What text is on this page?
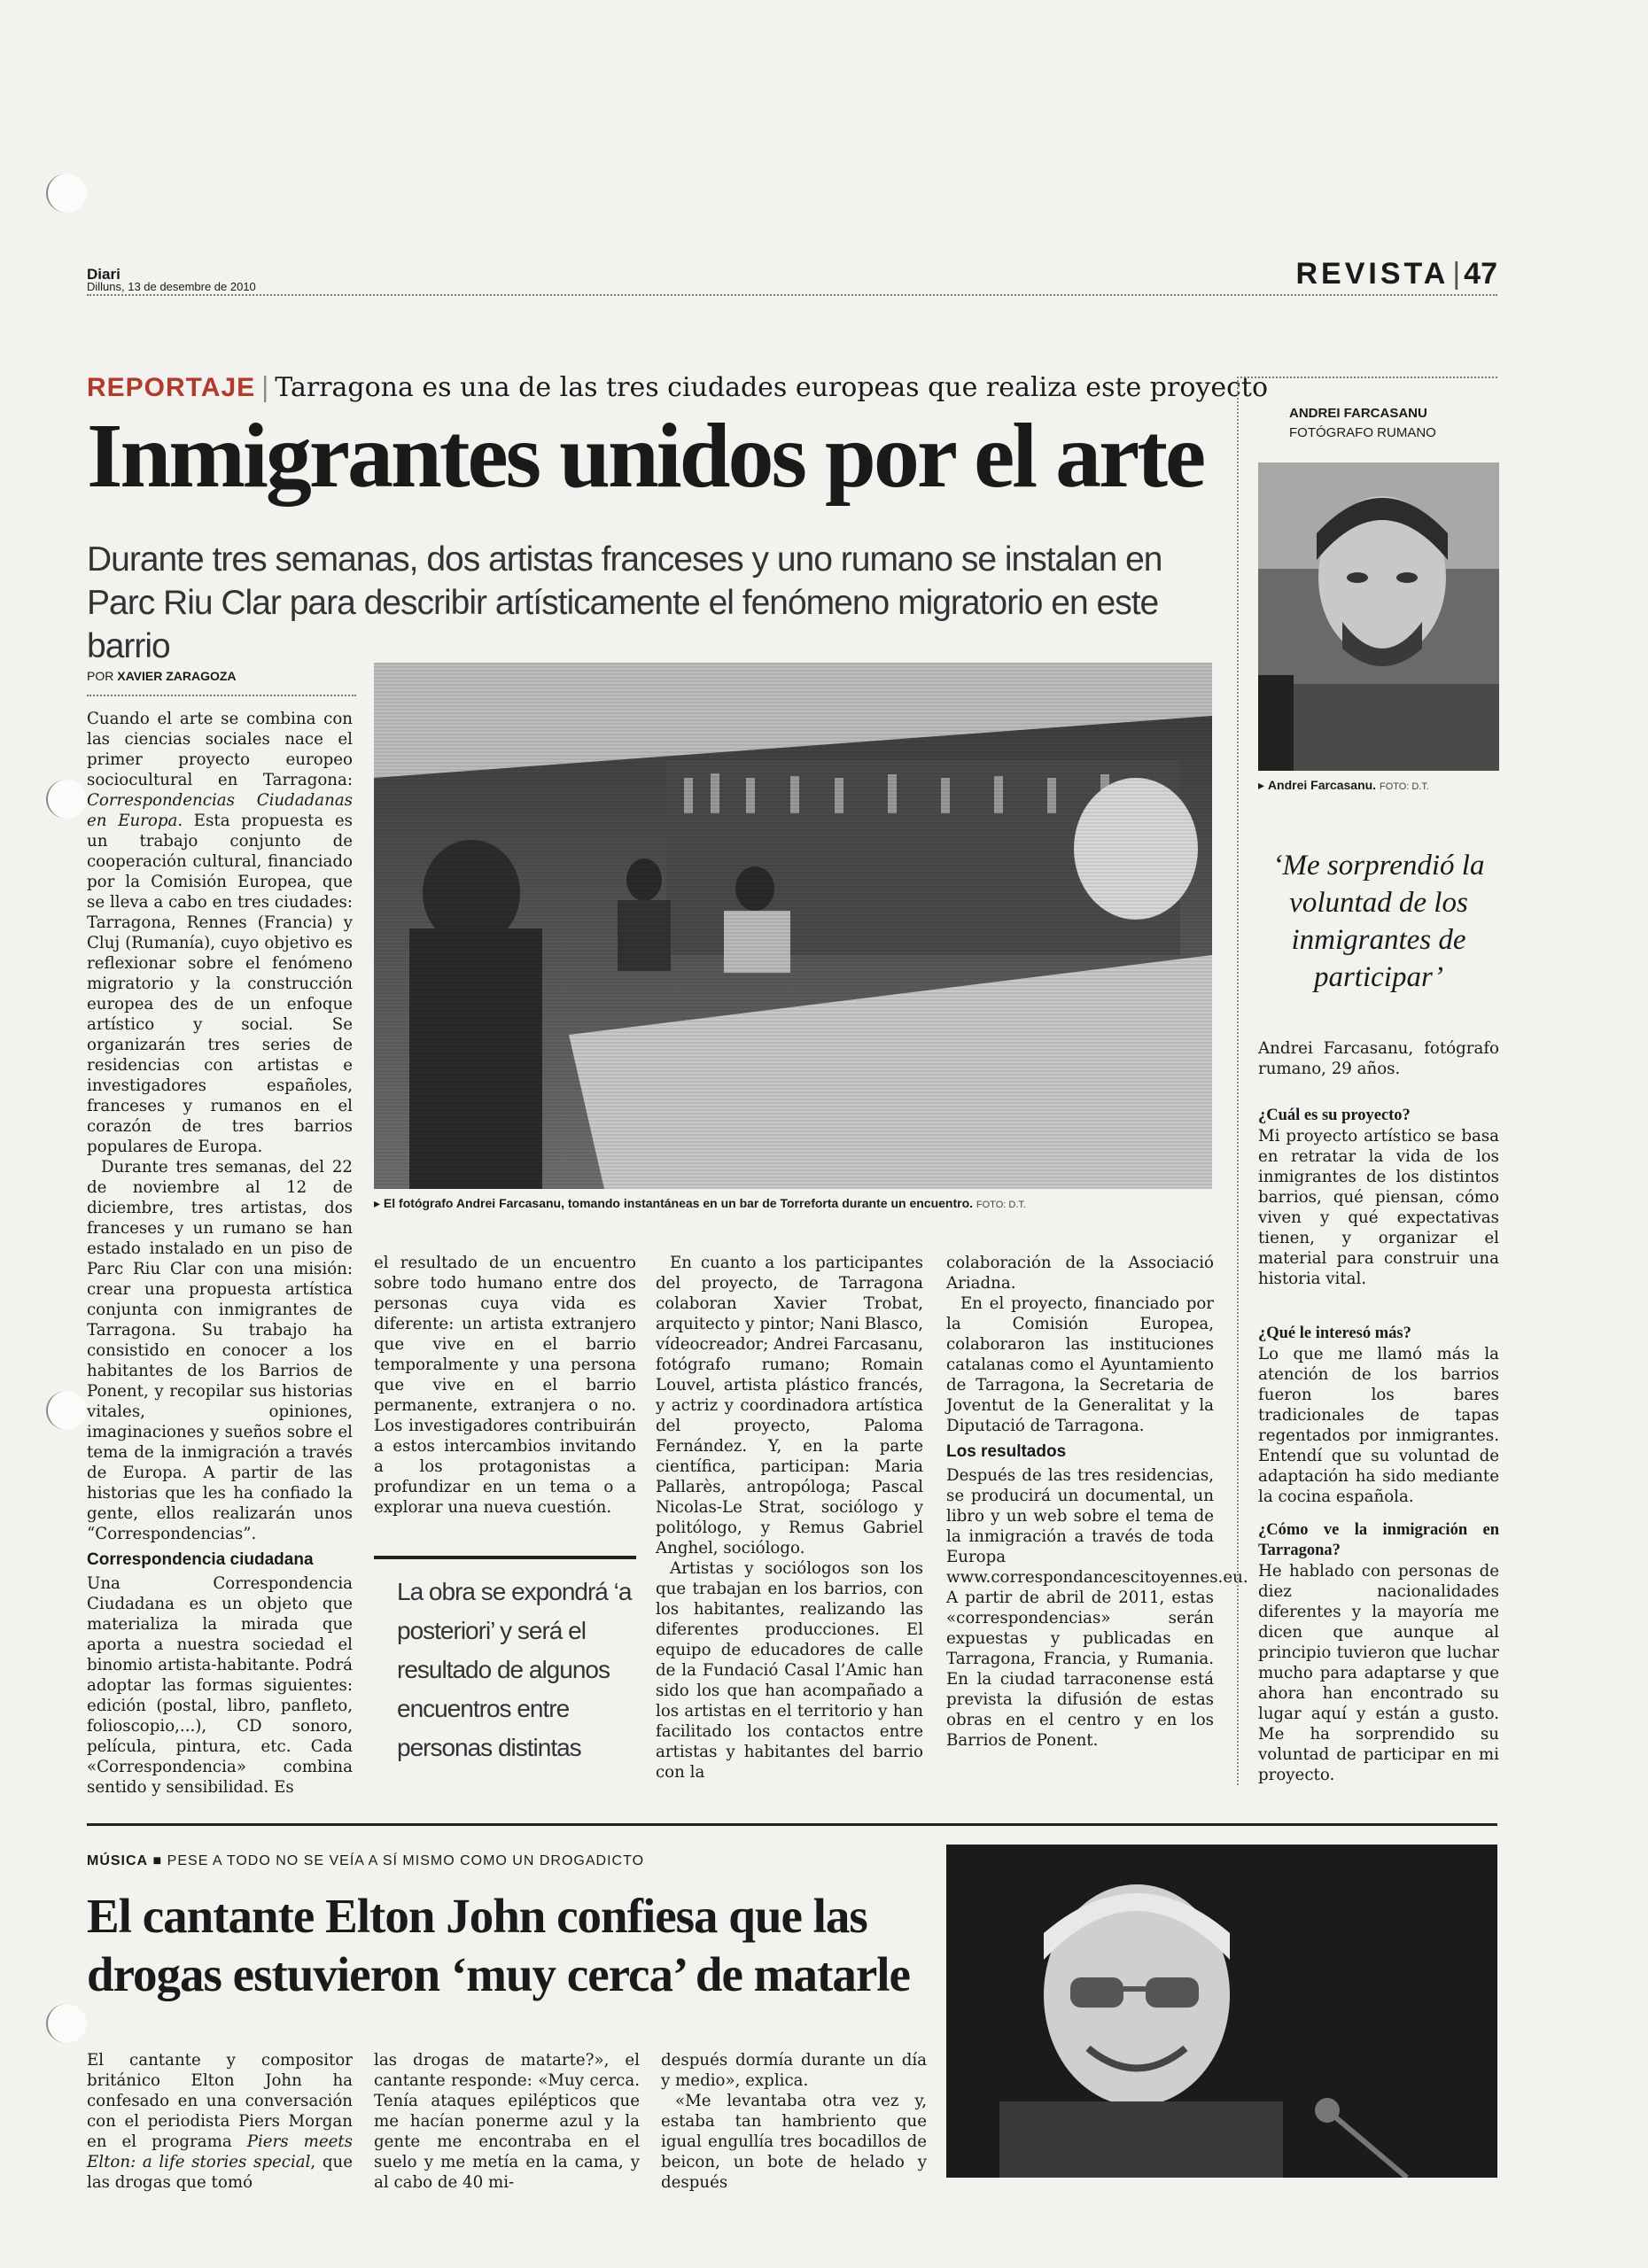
Diari
Dilluns, 13 de desembre de 2010	REVISTA | 47
REPORTAJE | Tarragona es una de las tres ciudades europeas que realiza este proyecto
Inmigrantes unidos por el arte
Durante tres semanas, dos artistas franceses y uno rumano se instalan en Parc Riu Clar para describir artísticamente el fenómeno migratorio en este barrio
POR XAVIER ZARAGOZA
▸ El fotógrafo Andrei Farcasanu, tomando instantáneas en un bar de Torreforta durante un encuentro. FOTO: D.T.

Cuando el arte se combina con las ciencias sociales nace el primer proyecto europeo sociocultural en Tarragona: Correspondencias Ciudadanas en Europa. Esta propuesta es un trabajo conjunto de cooperación cultural, financiado por la Comisión Europea, que se lleva a cabo en tres ciudades: Tarragona, Rennes (Francia) y Cluj (Rumanía), cuyo objetivo es reflexionar sobre el fenómeno migratorio y la construcción europea des de un enfoque artístico y social. Se organizarán tres series de residencias con artistas e investigadores españoles, franceses y rumanos en el corazón de tres barrios populares de Europa.

Durante tres semanas, del 22 de noviembre al 12 de diciembre, tres artistas, dos franceses y un rumano se han estado instalado en un piso de Parc Riu Clar con una misión: crear una propuesta artística conjunta con inmigrantes de Tarragona. Su trabajo ha consistido en conocer a los habitantes de los Barrios de Ponent, y recopilar sus historias vitales, opiniones, imaginaciones y sueños sobre el tema de la inmigración a través de Europa. A partir de las historias que les ha confiado la gente, ellos realizarán unos “Correspondencias”.

Correspondencia ciudadana

Una Correspondencia Ciudadana es un objeto que materializa la mirada que aporta a nuestra sociedad el binomio artista-habitante. Podrá adoptar las formas siguientes: edición (postal, libro, panfleto, folioscopio,...), CD sonoro, película, pintura, etc. Cada «Correspondencia» combina sentido y sensibilidad. Es

el resultado de un encuentro sobre todo humano entre dos personas cuya vida es diferente: un artista extranjero que vive en el barrio temporalmente y una persona que vive en el barrio permanente, extranjera o no. Los investigadores contribuirán a estos intercambios invitando a los protagonistas a profundizar en un tema o a explorar una nueva cuestión.

La obra se expondrá ‘a posteriori’ y será el resultado de algunos encuentros entre personas distintas

En cuanto a los participantes del proyecto, de Tarragona colaboran Xavier Trobat, arquitecto y pintor; Nani Blasco, vídeocreador; Andrei Farcasanu, fotógrafo rumano; Romain Louvel, artista plástico francés, y actriz y coordinadora artística del proyecto, Paloma Fernández. Y, en la parte científica, participan: Maria Pallarès, antropóloga; Pascal Nicolas-Le Strat, sociólogo y politólogo, y Remus Gabriel Anghel, sociólogo.

Artistas y sociólogos son los que trabajan en los barrios, con los habitantes, realizando las diferentes producciones. El equipo de educadores de calle de la Fundació Casal l’Amic han sido los que han acompañado a los artistas en el territorio y han facilitado los contactos entre artistas y habitantes del barrio con la

colaboración de la Associació Ariadna.

En el proyecto, financiado por la Comisión Europea, colaboraron las instituciones catalanas como el Ayuntamiento de Tarragona, la Secretaria de Joventut de la Generalitat y la Diputació de Tarragona.

Los resultados

Después de las tres residencias, se producirá un documental, un libro y un web sobre el tema de la inmigración a través de toda Europa www.correspondancescitoyennes.eu. A partir de abril de 2011, estas «correspondencias» serán expuestas y publicadas en Tarragona, Francia, y Rumania. En la ciudad tarraconense está prevista la difusión de estas obras en el centro y en los Barrios de Ponent.

ANDREI FARCASANU
FOTÓGRAFO RUMANO
▸ Andrei Farcasanu. FOTO: D.T.
‘Me sorprendió la voluntad de los inmigrantes de participar’

Andrei Farcasanu, fotógrafo rumano, 29 años.

¿Cuál es su proyecto?

Mi proyecto artístico se basa en retratar la vida de los inmigrantes de los distintos barrios, qué piensan, cómo viven y qué expectativas tienen, y organizar el material para construir una historia vital.

¿Qué le interesó más?

Lo que me llamó más la atención de los barrios fueron los bares tradicionales de tapas regentados por inmigrantes. Entendí que su voluntad de adaptación ha sido mediante la cocina española.

¿Cómo ve la inmigración en Tarragona?

He hablado con personas de diez nacionalidades diferentes y la mayoría me dicen que aunque al principio tuvieron que luchar mucho para adaptarse y que ahora han encontrado su lugar aquí y están a gusto. Me ha sorprendido su voluntad de participar en mi proyecto.

MÚSICA ■ PESE A TODO NO SE VEÍA A SÍ MISMO COMO UN DROGADICTO
El cantante Elton John confiesa que las drogas estuvieron ‘muy cerca’ de matarle

El cantante y compositor británico Elton John ha confesado en una conversación con el periodista Piers Morgan en el programa Piers meets Elton: a life stories special, que las drogas que tomó

las drogas de matarte?», el cantante responde: «Muy cerca. Tenía ataques epilépticos que me hacían ponerme azul y la gente me encontraba en el suelo y me metía en la cama, y al cabo de 40 mi-

después dormía durante un día y medio», explica.

«Me levantaba otra vez y, estaba tan hambriento que igual engullía tres bocadillos de beicon, un bote de helado y después
